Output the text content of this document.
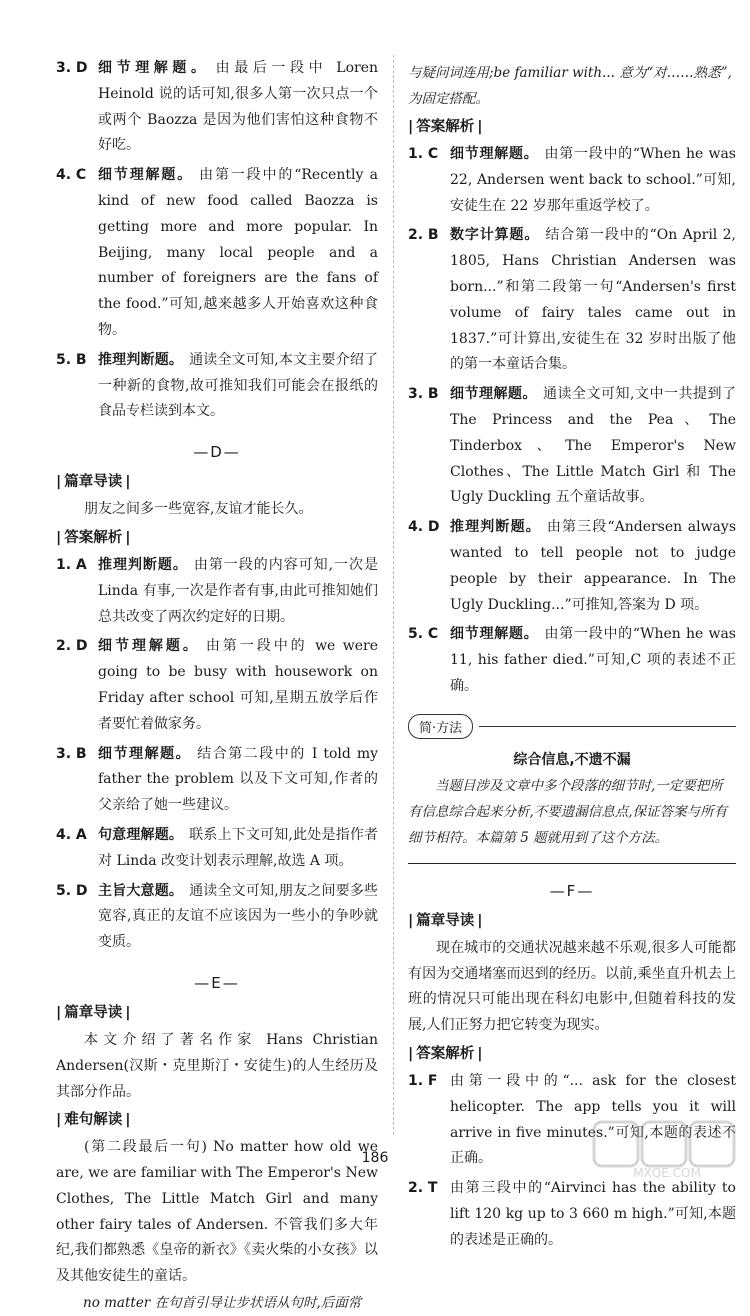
3. D 细节理解题。 由最后一段中 Loren Heinold 说的话可知,很多人第一次只点一个或两个 Baozza 是因为他们害怕这种食物不好吃。
4. C 细节理解题。 由第一段中的“Recently a kind of new food called Baozza is getting more and more popular. In Beijing, many local people and a number of foreigners are the fans of the food.”可知,越来越多人开始喜欢这种食物。
5. B 推理判断题。 通读全文可知,本文主要介绍了一种新的食物,故可推知我们可能会在报纸的食品专栏读到本文。
— D —
| 篇章导读 |
朋友之间多一些宽容,友谊才能长久。
| 答案解析 |
1. A 推理判断题。 由第一段的内容可知,一次是 Linda 有事,一次是作者有事,由此可推知她们总共改变了两次约定好的日期。
2. D 细节理解题。 由第一段中的 we were going to be busy with housework on Friday after school 可知,星期五放学后作者要忙着做家务。
3. B 细节理解题。 结合第二段中的 I told my father the problem 以及下文可知,作者的父亲给了她一些建议。
4. A 句意理解题。 联系上下文可知,此处是指作者对 Linda 改变计划表示理解,故选 A 项。
5. D 主旨大意题。 通读全文可知,朋友之间要多些宽容,真正的友谊不应该因为一些小的争吵就变质。
— E —
| 篇章导读 |
本文介绍了著名作家 Hans Christian Andersen(汉斯・克里斯汀・安徒生)的人生经历及其部分作品。
| 难句解读 |
(第二段最后一句) No matter how old we are, we are familiar with The Emperor's New Clothes, The Little Match Girl and many other fairy tales of Andersen. 不管我们多大年纪,我们都熟悉《皇帝的新衣》《卖火柴的小女孩》以及其他安徒生的童话。
no matter 在句首引导让步状语从句时,后面常
与疑问词连用;be familiar with... 意为“对……熟悉”,为固定搭配。
| 答案解析 |
1. C 细节理解题。 由第一段中的“When he was 22, Andersen went back to school.”可知,安徒生在 22 岁那年重返学校了。
2. B 数字计算题。 结合第一段中的“On April 2, 1805, Hans Christian Andersen was born...”和第二段第一句“Andersen's first volume of fairy tales came out in 1837.”可计算出,安徒生在 32 岁时出版了他的第一本童话合集。
3. B 细节理解题。 通读全文可知,文中一共提到了 The Princess and the Pea、The Tinderbox、The Emperor's New Clothes、The Little Match Girl 和 The Ugly Duckling 五个童话故事。
4. D 推理判断题。 由第三段“Andersen always wanted to tell people not to judge people by their appearance. In The Ugly Duckling...”可推知,答案为 D 项。
5. C 细节理解题。 由第一段中的“When he was 11, his father died.”可知,C 项的表述不正确。
简·方法
综合信息,不遗不漏
当题目涉及文章中多个段落的细节时,一定要把所有信息综合起来分析,不要遗漏信息点,保证答案与所有细节相符。本篇第 5 题就用到了这个方法。
— F —
| 篇章导读 |
现在城市的交通状况越来越不乐观,很多人可能都有因为交通堵塞而迟到的经历。以前,乘坐直升机去上班的情况只可能出现在科幻电影中,但随着科技的发展,人们正努力把它转变为现实。
| 答案解析 |
1. F 由第一段中的“... ask for the closest helicopter. The app tells you it will arrive in five minutes.”可知,本题的表述不正确。
2. T 由第三段中的“Airvinci has the ability to lift 120 kg up to 3 660 m high.”可知,本题的表述是正确的。
186
MXQE.COM
